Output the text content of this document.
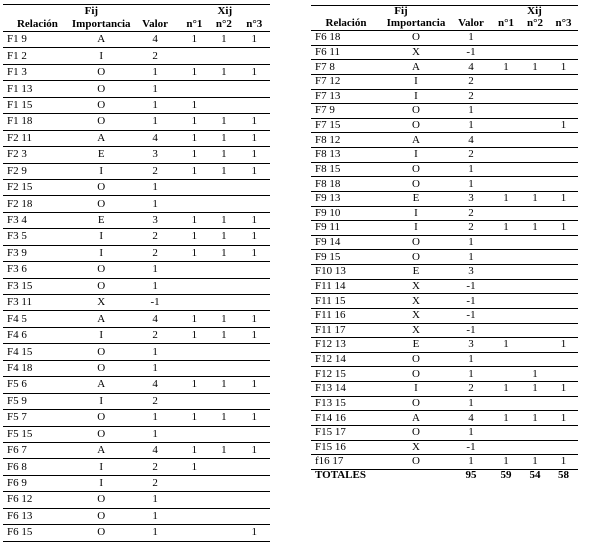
Fij			Xij		
Relación	Importancia	Valor	n°1	n°2	n°3
F1 9	A	4	1	1	1
F1 2	I	2			
F1 3	O	1	1	1	1
F1 13	O	1			
F1 15	O	1	1		
F1 18	O	1	1	1	1
F2 11	A	4	1	1	1
F2 3	E	3	1	1	1
F2 9	I	2	1	1	1
F2 15	O	1			
F2 18	O	1			
F3 4	E	3	1	1	1
F3 5	I	2	1	1	1
F3 9	I	2	1	1	1
F3 6	O	1			
F3 15	O	1			
F3 11	X	-1			
F4 5	A	4	1	1	1
F4 6	I	2	1	1	1
F4 15	O	1			
F4 18	O	1			
F5 6	A	4	1	1	1
F5 9	I	2			
F5 7	O	1	1	1	1
F5 15	O	1			
F6 7	A	4	1	1	1
F6 8	I	2	1		
F6 9	I	2			
F6 12	O	1			
F6 13	O	1			
F6 15	O	1			1
Fij			Xij		
Relación	Importancia	Valor	n°1	n°2	n°3
F6 18	O	1			
F6 11	X	-1			
F7 8	A	4	1	1	1
F7 12	I	2			
F7 13	I	2			
F7 9	O	1			
F7 15	O	1			1
F8 12	A	4			
F8 13	I	2			
F8 15	O	1			
F8 18	O	1			
F9 13	E	3	1	1	1
F9 10	I	2			
F9 11	I	2	1	1	1
F9 14	O	1			
F9 15	O	1			
F10 13	E	3			
F11 14	X	-1			
F11 15	X	-1			
F11 16	X	-1			
F11 17	X	-1			
F12 13	E	3	1		1
F12 14	O	1			
F12 15	O	1		1	
F13 14	I	2	1	1	1
F13 15	O	1			
F14 16	A	4	1	1	1
F15 17	O	1			
F15 16	X	-1			
f16 17	O	1	1	1	1
TOTALES		95	59	54	58
